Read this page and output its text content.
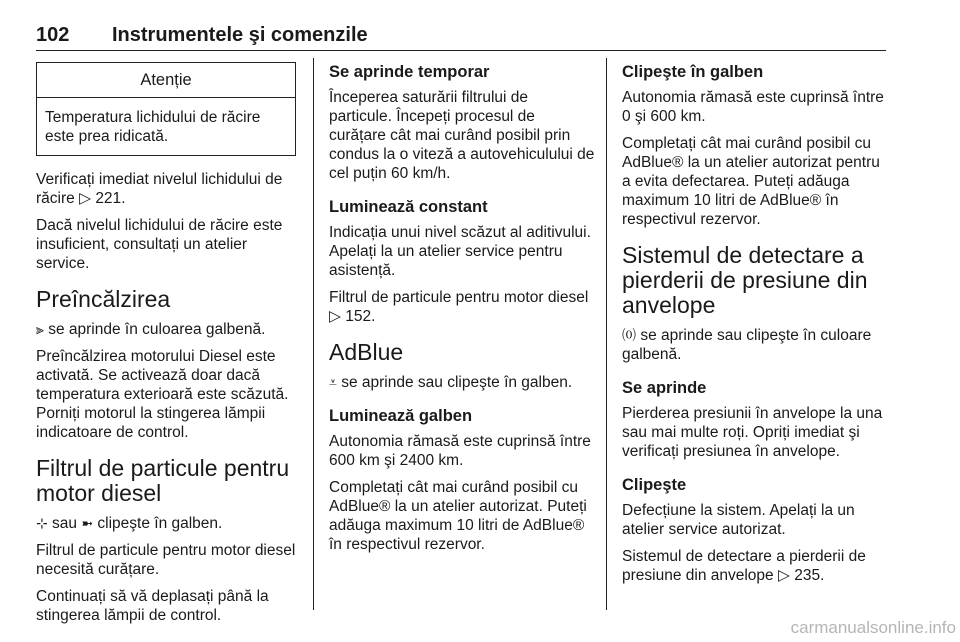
102 Instrumentele şi comenzile
Atenție
Temperatura lichidului de răcire este prea ridicată.

Verificați imediat nivelul lichidului de răcire ▷ 221.

Dacă nivelul lichidului de răcire este insuficient, consultați un atelier service.

Preîncălzirea

⫸ se aprinde în culoarea galbenă.

Preîncălzirea motorului Diesel este activată. Se activează doar dacă temperatura exterioară este scăzută. Porniți motorul la stingerea lămpii indicatoare de control.

Filtrul de particule pentru motor diesel

⊹ sau ➼ clipeşte în galben.

Filtrul de particule pentru motor diesel necesită curățare.

Continuați să vă deplasați până la stingerea lămpii de control.

Se aprinde temporar

Începerea saturării filtrului de particule. Începeți procesul de curățare cât mai curând posibil prin condus la o viteză a autovehiculului de cel puțin 60 km/h.

Luminează constant

Indicația unui nivel scăzut al aditivului. Apelați la un atelier service pentru asistență.

Filtrul de particule pentru motor diesel ▷ 152.

AdBlue

⩡ se aprinde sau clipeşte în galben.

Luminează galben

Autonomia rămasă este cuprinsă între 600 km şi 2400 km.

Completați cât mai curând posibil cu AdBlue® la un atelier autorizat. Puteți adăuga maximum 10 litri de AdBlue® în respectivul rezervor.

Clipeşte în galben

Autonomia rămasă este cuprinsă între 0 şi 600 km.

Completați cât mai curând posibil cu AdBlue® la un atelier autorizat pentru a evita defectarea. Puteți adăuga maximum 10 litri de AdBlue® în respectivul rezervor.

Sistemul de detectare a pierderii de presiune din anvelope

⒪ se aprinde sau clipeşte în culoare galbenă.

Se aprinde

Pierderea presiunii în anvelope la una sau mai multe roți. Opriți imediat şi verificați presiunea în anvelope.

Clipeşte

Defecțiune la sistem. Apelați la un atelier service autorizat.

Sistemul de detectare a pierderii de presiune din anvelope ▷ 235.

carmanualsonline.info
